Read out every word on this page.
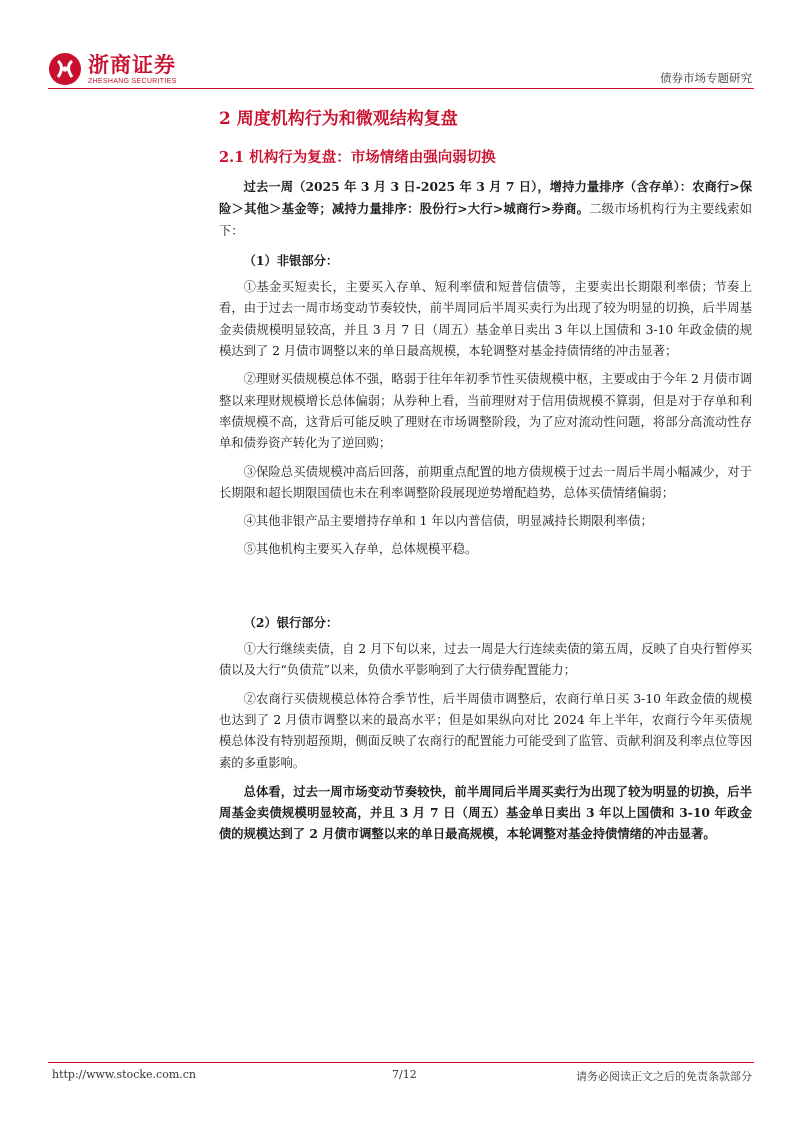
浙商证券
ZHESHANG SECURITIES	债券市场专题研究
2 周度机构行为和微观结构复盘
2.1 机构行为复盘：市场情绪由强向弱切换

过去一周（2025 年 3 月 3 日-2025 年 3 月 7 日），增持力量排序（含存单）：农商行>保险＞其他＞基金等；减持力量排序：股份行>大行>城商行>券商。二级市场机构行为主要线索如下：

（1）非银部分：

①基金买短卖长，主要买入存单、短利率债和短普信债等，主要卖出长期限利率债；节奏上看，由于过去一周市场变动节奏较快，前半周同后半周买卖行为出现了较为明显的切换，后半周基金卖债规模明显较高，并且 3 月 7 日（周五）基金单日卖出 3 年以上国债和 3-10 年政金债的规模达到了 2 月债市调整以来的单日最高规模，本轮调整对基金持债情绪的冲击显著；

②理财买债规模总体不强，略弱于往年年初季节性买债规模中枢，主要或由于今年 2 月债市调整以来理财规模增长总体偏弱；从券种上看，当前理财对于信用债规模不算弱，但是对于存单和利率债规模不高，这背后可能反映了理财在市场调整阶段，为了应对流动性问题，将部分高流动性存单和债券资产转化为了逆回购；

③保险总买债规模冲高后回落，前期重点配置的地方债规模于过去一周后半周小幅减少，对于长期限和超长期限国债也未在利率调整阶段展现逆势增配趋势，总体买债情绪偏弱；

④其他非银产品主要增持存单和 1 年以内普信债，明显减持长期限利率债；

⑤其他机构主要买入存单，总体规模平稳。

（2）银行部分：

①大行继续卖债，自 2 月下旬以来，过去一周是大行连续卖债的第五周，反映了自央行暂停买债以及大行“负债荒”以来，负债水平影响到了大行债券配置能力；

②农商行买债规模总体符合季节性，后半周债市调整后，农商行单日买 3-10 年政金债的规模也达到了 2 月债市调整以来的最高水平；但是如果纵向对比 2024 年上半年，农商行今年买债规模总体没有特别超预期，侧面反映了农商行的配置能力可能受到了监管、贡献利润及利率点位等因素的多重影响。

总体看，过去一周市场变动节奏较快，前半周同后半周买卖行为出现了较为明显的切换，后半周基金卖债规模明显较高，并且 3 月 7 日（周五）基金单日卖出 3 年以上国债和 3-10 年政金债的规模达到了 2 月债市调整以来的单日最高规模，本轮调整对基金持债情绪的冲击显著。

http://www.stocke.com.cn	7/12	请务必阅读正文之后的免责条款部分
